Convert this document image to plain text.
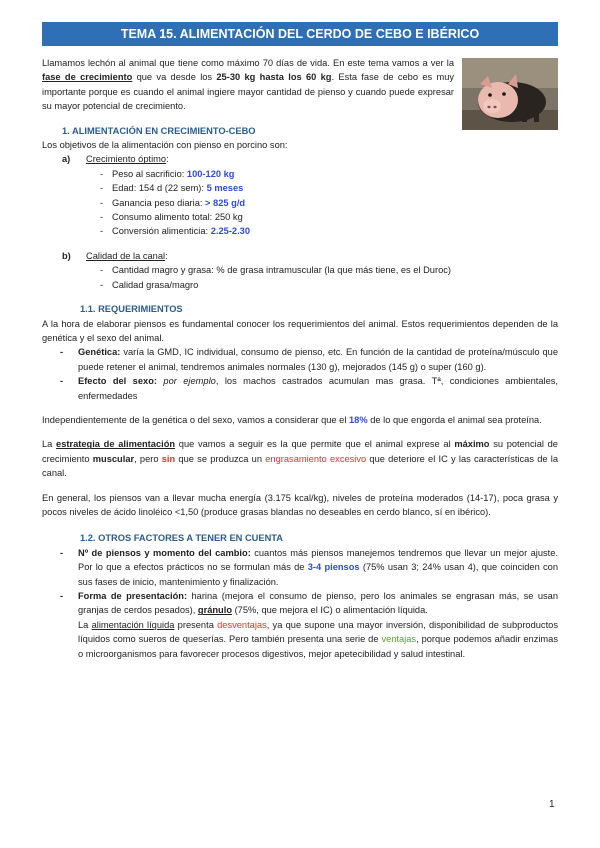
TEMA 15. ALIMENTACIÓN DEL CERDO DE CEBO E IBÉRICO

Llamamos lechón al animal que tiene como máximo 70 días de vida. En este tema vamos a ver la fase de crecimiento que va desde los 25-30 kg hasta los 60 kg. Esta fase de cebo es muy importante porque es cuando el animal ingiere mayor cantidad de pienso y cuando puede expresar su mayor potencial de crecimiento.

1. ALIMENTACIÓN EN CRECIMIENTO-CEBO

Los objetivos de la alimentación con pienso en porcino son:

a) Crecimiento óptimo:
- Peso al sacrificio: 100-120 kg
- Edad: 154 d (22 sem): 5 meses
- Ganancia peso diaria: > 825 g/d
- Consumo alimento total: 250 kg
- Conversión alimenticia: 2.25-2.30
b) Calidad de la canal:
- Cantidad magro y grasa: % de grasa intramuscular (la que más tiene, es el Duroc)
- Calidad grasa/magro
1.1. REQUERIMIENTOS

A la hora de elaborar piensos es fundamental conocer los requerimientos del animal. Estos requerimientos dependen de la genética y el sexo del animal.

- Genética: varía la GMD, IC individual, consumo de pienso, etc. En función de la cantidad de proteína/músculo que puede retener el animal, tendremos animales normales (130 g), mejorados (145 g) o super (160 g).
- Efecto del sexo: por ejemplo, los machos castrados acumulan mas grasa. Tª, condiciones ambientales, enfermedades

Independientemente de la genética o del sexo, vamos a considerar que el 18% de lo que engorda el animal sea proteína.

La estrategia de alimentación que vamos a seguir es la que permite que el animal exprese al máximo su potencial de crecimiento muscular, pero sin que se produzca un engrasamiento excesivo que deteriore el IC y las características de la canal.

En general, los piensos van a llevar mucha energía (3.175 kcal/kg), niveles de proteína moderados (14-17), poca grasa y pocos niveles de ácido linoléico <1,50 (produce grasas blandas no deseables en cerdo blanco, sí en ibérico).

1.2. OTROS FACTORES A TENER EN CUENTA
- Nº de piensos y momento del cambio: cuantos más piensos manejemos tendremos que llevar un mejor ajuste. Por lo que a efectos prácticos no se formulan más de 3-4 piensos (75% usan 3; 24% usan 4), que coinciden con sus fases de inicio, mantenimiento y finalización.
- Forma de presentación: harina (mejora el consumo de pienso, pero los animales se engrasan más, se usan granjas de cerdos pesados), gránulo (75%, que mejora el IC) o alimentación líquida.

La alimentación líquida presenta desventajas, ya que supone una mayor inversión, disponibilidad de subproductos líquidos como sueros de queserías. Pero también presenta una serie de ventajas, porque podemos añadir enzimas o microorganismos para favorecer procesos digestivos, mejor apetecibilidad y salud intestinal.

1
